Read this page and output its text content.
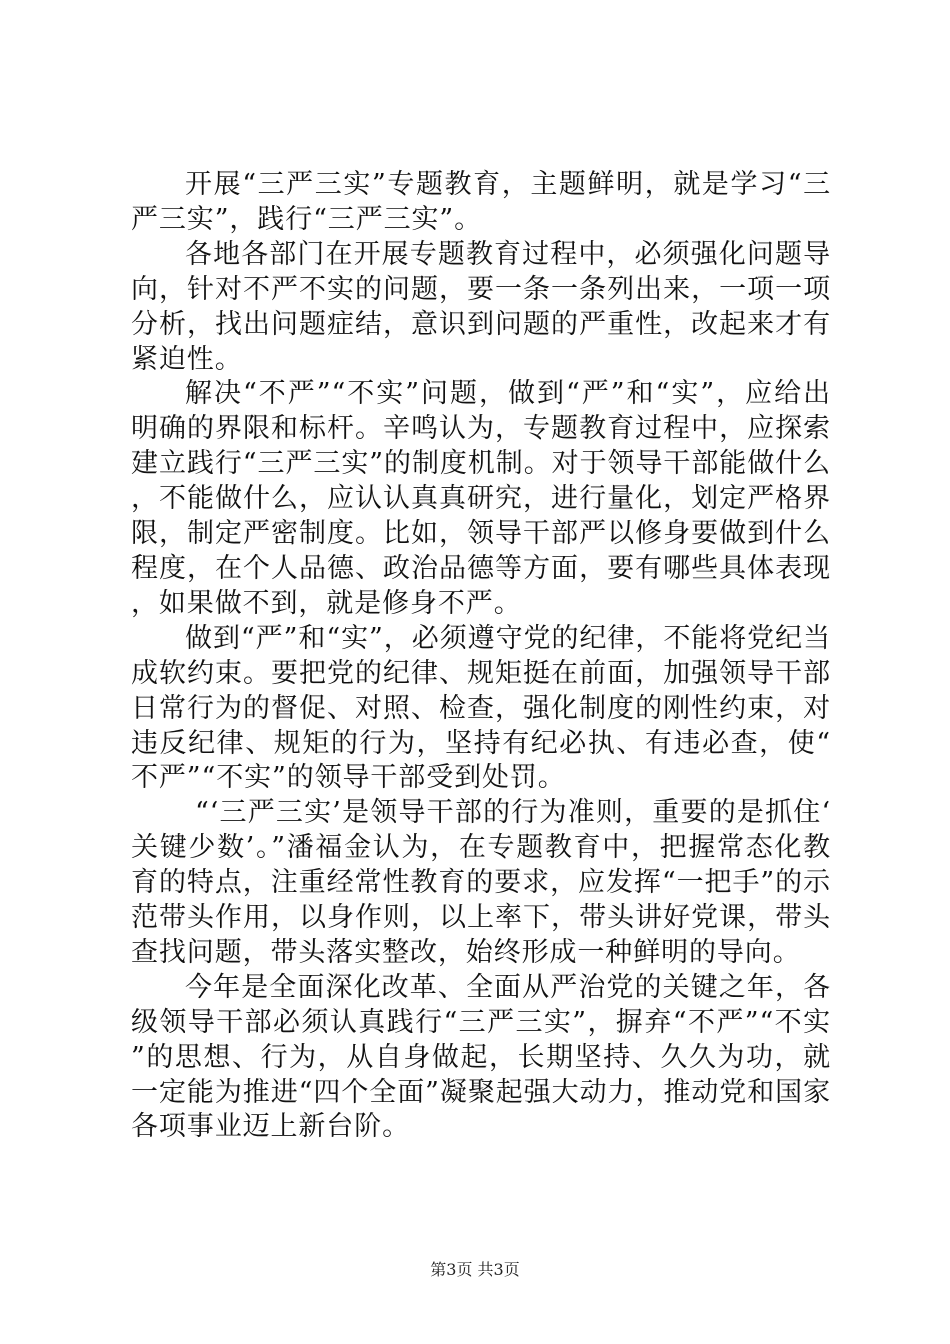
开展“三严三实”专题教育，主题鲜明，就是学习“三严三实”，践行“三严三实”。

各地各部门在开展专题教育过程中，必须强化问题导向，针对不严不实的问题，要一条一条列出来，一项一项分析，找出问题症结，意识到问题的严重性，改起来才有紧迫性。

解决“不严”“不实”问题，做到“严”和“实”，应给出明确的界限和标杆。辛鸣认为，专题教育过程中，应探索建立践行“三严三实”的制度机制。对于领导干部能做什么，不能做什么，应认认真真研究，进行量化，划定严格界限，制定严密制度。比如，领导干部严以修身要做到什么程度，在个人品德、政治品德等方面，要有哪些具体表现，如果做不到，就是修身不严。

做到“严”和“实”，必须遵守党的纪律，不能将党纪当成软约束。要把党的纪律、规矩挺在前面，加强领导干部日常行为的督促、对照、检查，强化制度的刚性约束，对违反纪律、规矩的行为，坚持有纪必执、有违必查，使“不严”“不实”的领导干部受到处罚。

“‘三严三实’是领导干部的行为准则，重要的是抓住‘关键少数’。”潘福金认为，在专题教育中，把握常态化教育的特点，注重经常性教育的要求，应发挥“一把手”的示范带头作用，以身作则，以上率下，带头讲好党课，带头查找问题，带头落实整改，始终形成一种鲜明的导向。

今年是全面深化改革、全面从严治党的关键之年，各级领导干部必须认真践行“三严三实”，摒弃“不严”“不实”的思想、行为，从自身做起，长期坚持、久久为功，就一定能为推进“四个全面”凝聚起强大动力，推动党和国家各项事业迈上新台阶。

第3页 共3页
